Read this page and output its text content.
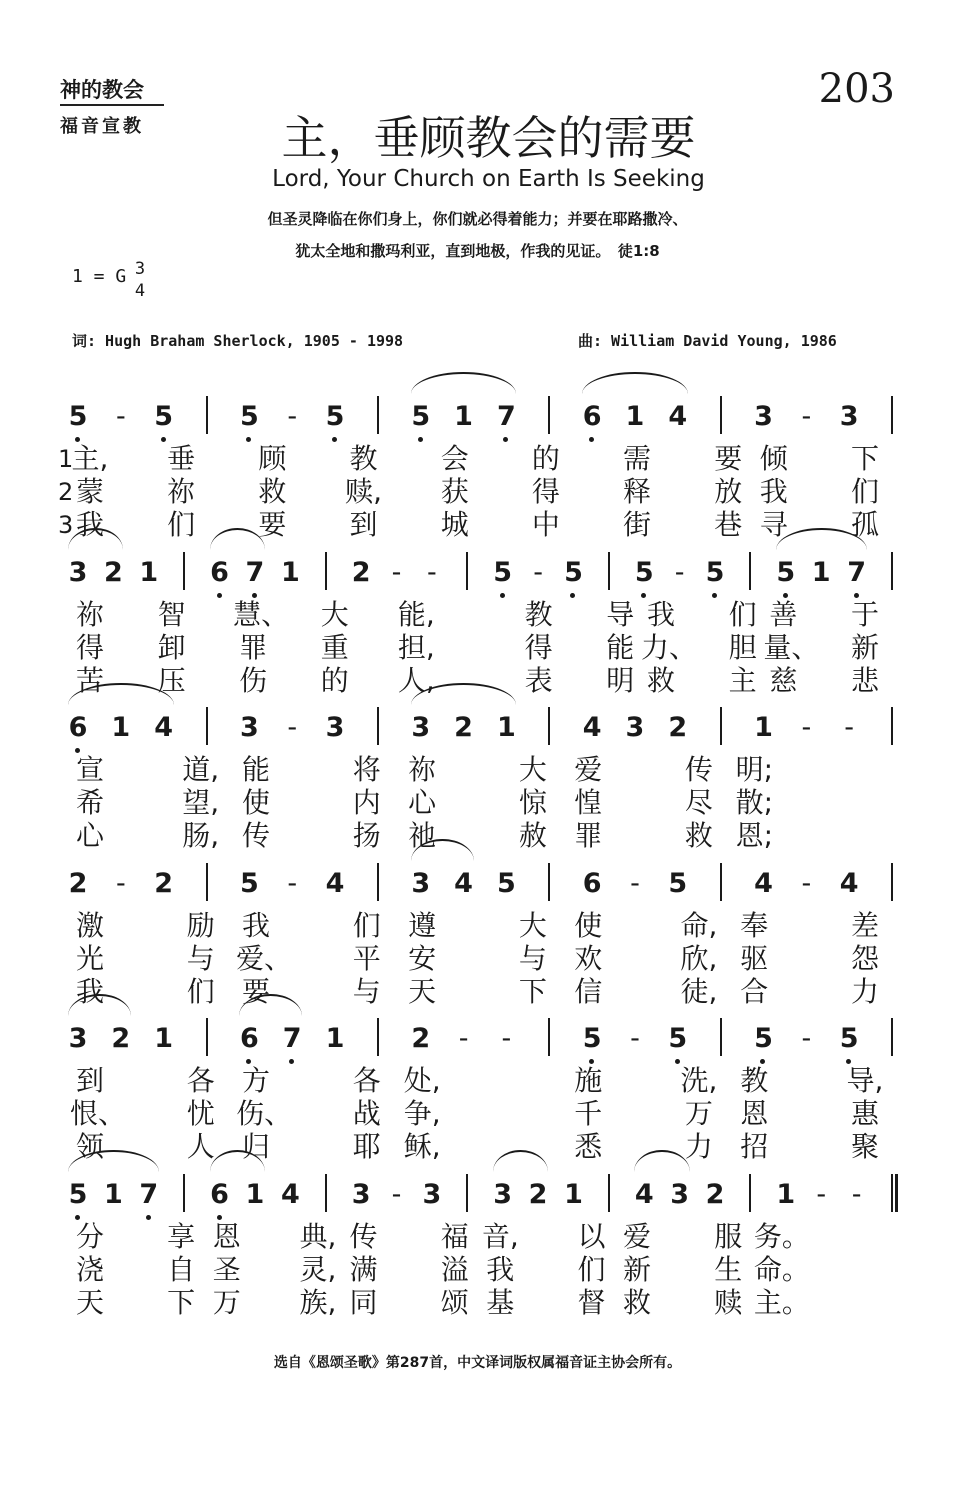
神的教会
福音宣教
203
主，垂顾教会的需要
Lord, Your Church on Earth Is Seeking
但圣灵降临在你们身上，你们就必得着能力；并要在耶路撒冷、
犹太全地和撒玛利亚，直到地极，作我的见证。　徒1:8
1 = G 3
4
词: Hugh Braham Sherlock, 1905 - 1998	曲: William David Young, 1986
5	-	5	5	-	5	5 1 7	6 1 4	3	-	3
1
主, 垂 顾 教 会 的 需 要 倾 下
2 蒙 祢 救 赎, 获 得 释 放 我 们
3 我 们 要 到 城 中 街 巷 寻 孤
3 2 1	6 7 1	2 - -	5 - 5	5 - 5	5 1 7
祢 智 慧、 大 能,	教 导 我 们 善 于
得 卸 罪 重 担,	得 能 力、 胆 量、 新
苦 压 伤 的 人,	表 明 救 主 慈 悲
6 1 4	3	-	3	3 2 1	4 3 2	1	-	-
宣	道, 能	将 祢	大 爱	传 明;
希	望, 使	内 心	惊 惶	尽 散;
心	肠, 传	扬 祂	赦 罪	救 恩;
2	-	2	5	-	4	3 4 5	6	-	5	4	-	4
激	励 我	们 遵	大 使	命, 奉	差
光	与 爱、 平 安	与 欢	欣, 驱	怨
我	们 要	与 天	下 信	徒, 合	力
3 2 1	6 7 1	2	-	-	5	-	5	5	-	5
到	各 方	各 处,	施	洗, 教	导,
恨、 忧 伤、 战 争,	千	万 恩	惠
领	人 归	耶 稣,	悉	力 招	聚
5 1 7	6 1 4	3 - 3	3 2 1	4 3 2	1 - -
分 享 恩 典, 传 福 音, 以 爱 服 务。
浇 自 圣 灵, 满 溢 我 们 新 生 命。
天 下 万 族, 同 颂 基 督 救 赎 主。
选自《恩颂圣歌》第287首，中文译词版权属福音证主协会所有。
